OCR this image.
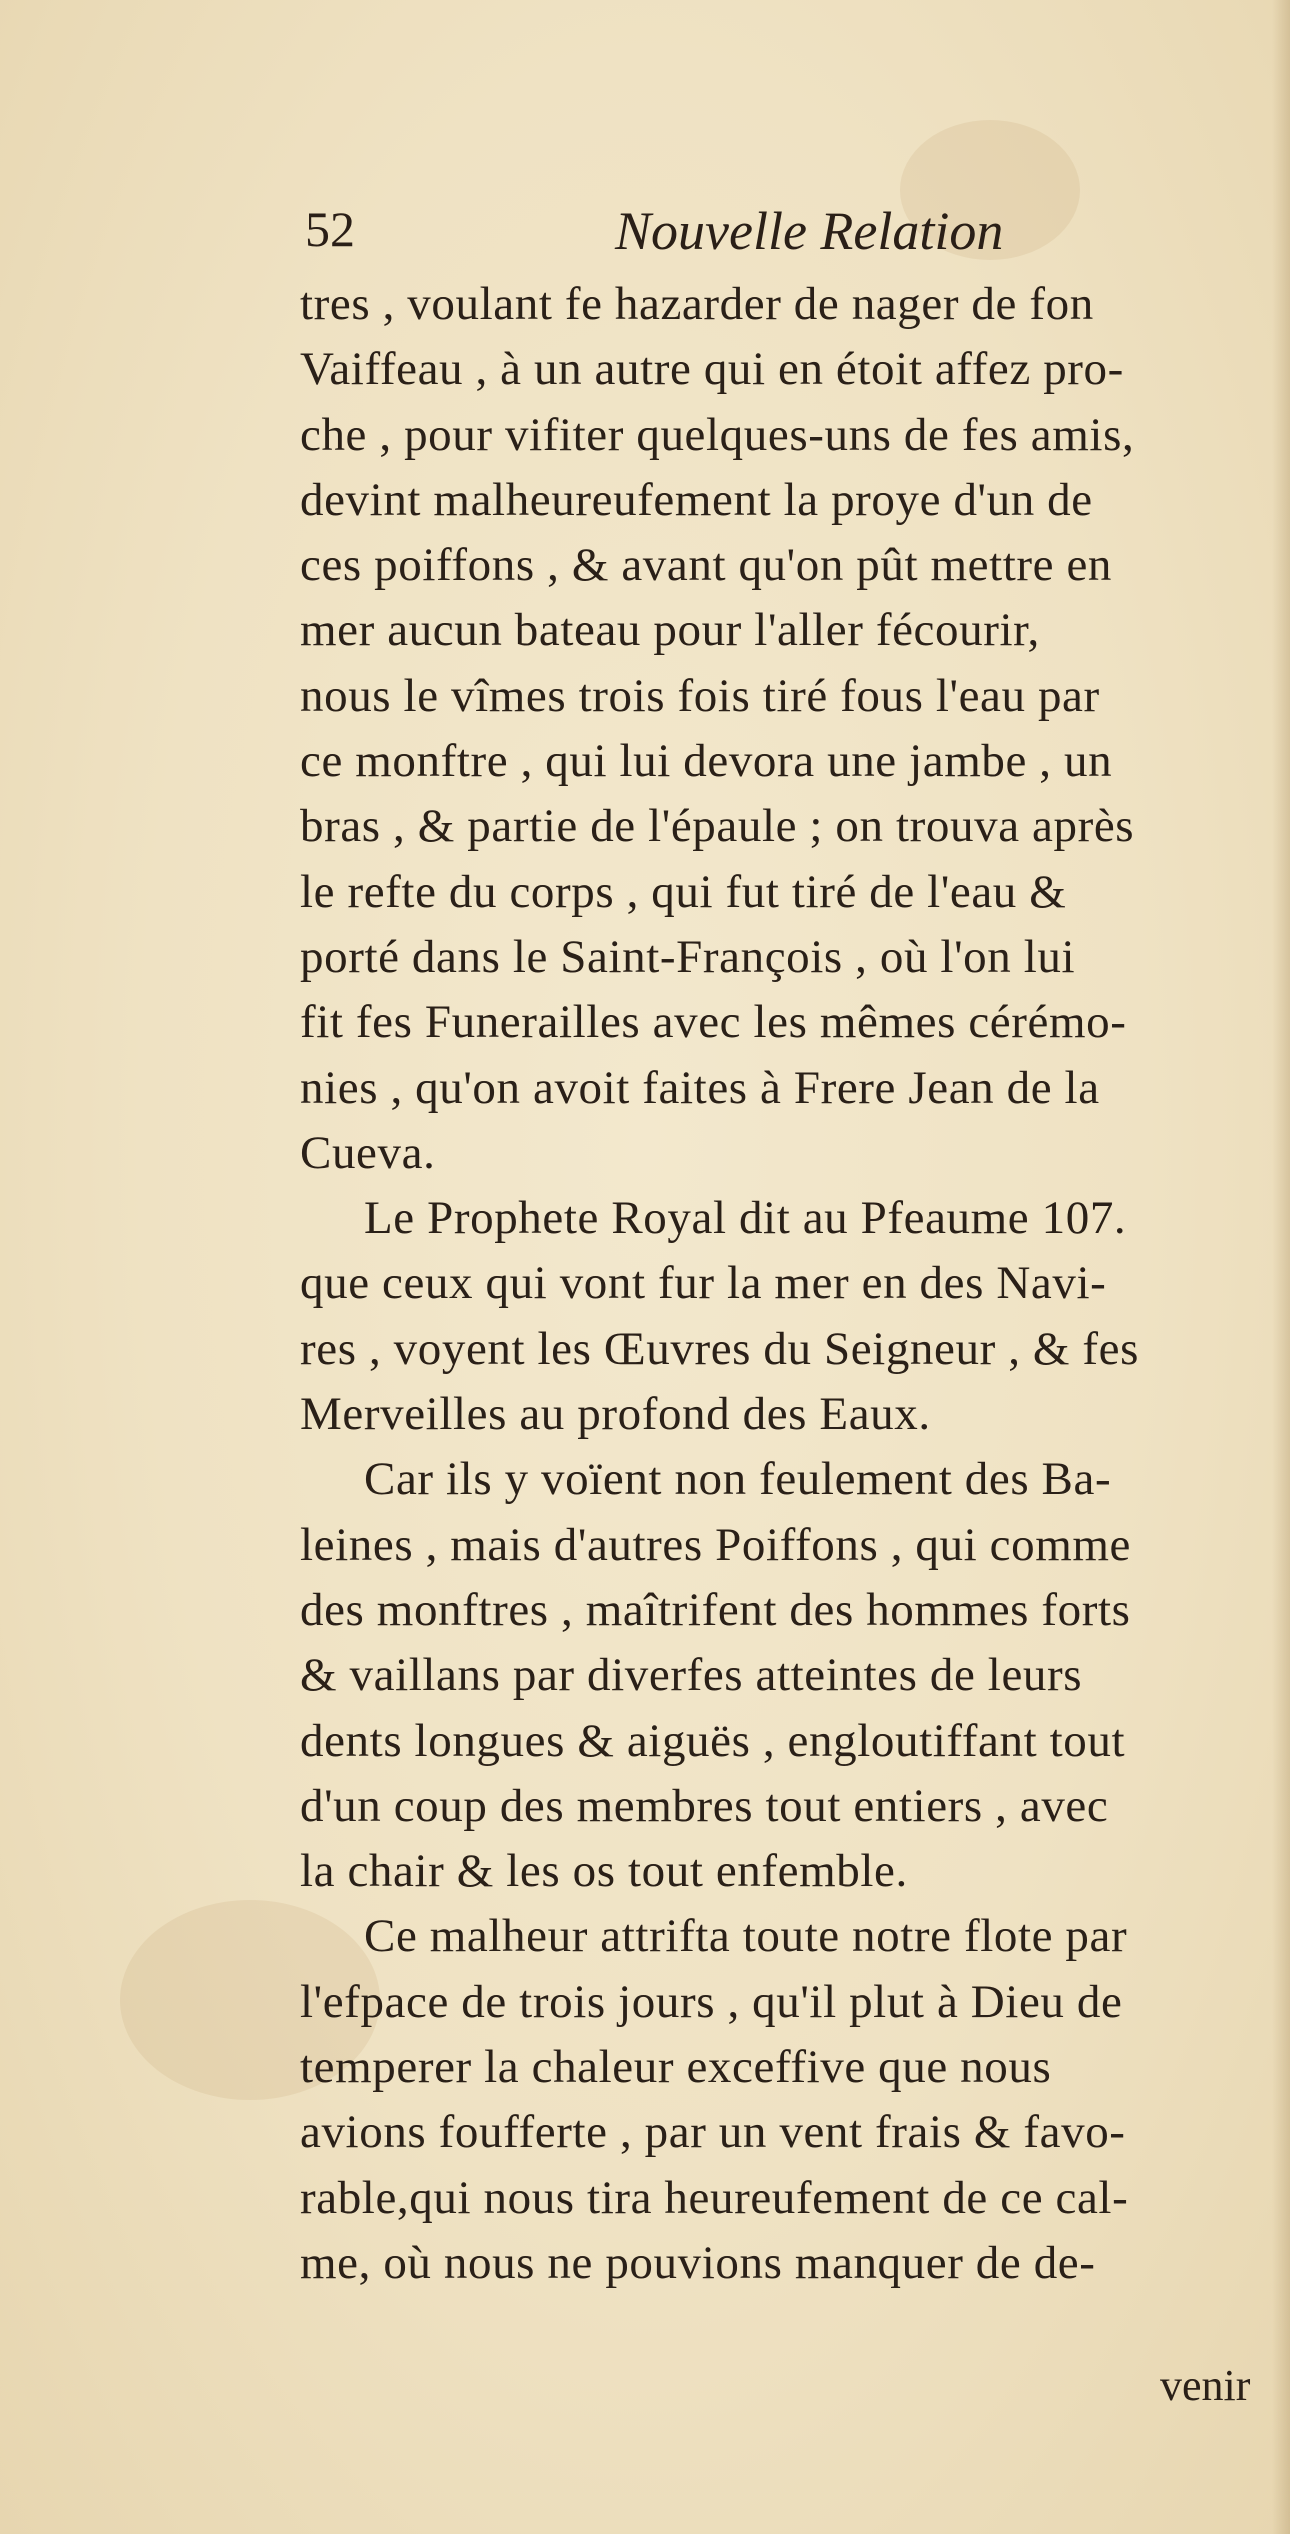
52	Nouvelle Relation
tres , voulant fe hazarder de nager de fon
Vaiffeau , à un autre qui en étoit affez pro-
che , pour vifiter quelques-uns de fes amis,
devint malheureufement la proye d'un de
ces poiffons , & avant qu'on pût mettre en
mer aucun bateau pour l'aller fécourir,
nous le vîmes trois fois tiré fous l'eau par
ce monftre , qui lui devora une jambe , un
bras , & partie de l'épaule ; on trouva après
le refte du corps , qui fut tiré de l'eau &
porté dans le Saint-François , où l'on lui
fit fes Funerailles avec les mêmes cérémo-
nies , qu'on avoit faites à Frere Jean de la
Cueva.
Le Prophete Royal dit au Pfeaume 107.
que ceux qui vont fur la mer en des Navi-
res , voyent les Œuvres du Seigneur , & fes
Merveilles au profond des Eaux.
Car ils y voïent non feulement des Ba-
leines , mais d'autres Poiffons , qui comme
des monftres , maîtrifent des hommes forts
& vaillans par diverfes atteintes de leurs
dents longues & aiguës , engloutiffant tout
d'un coup des membres tout entiers , avec
la chair & les os tout enfemble.
Ce malheur attrifta toute notre flote par
l'efpace de trois jours , qu'il plut à Dieu de
temperer la chaleur exceffive que nous
avions foufferte , par un vent frais & favo-
rable,qui nous tira heureufement de ce cal-
me, où nous ne pouvions manquer de de-
venir
